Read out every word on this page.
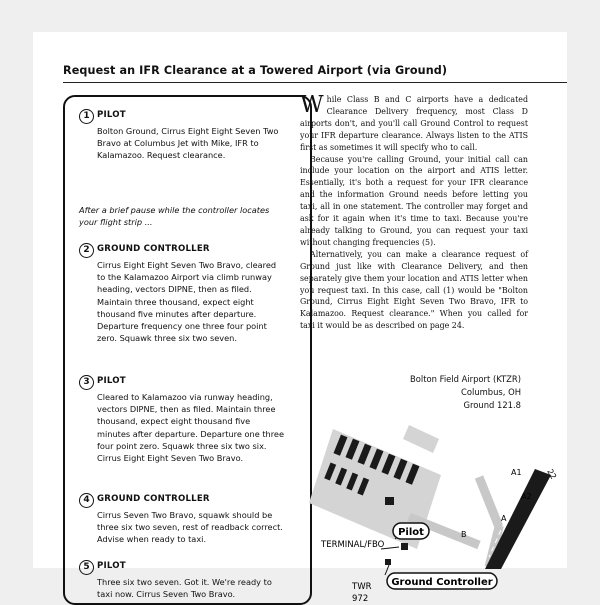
Request an IFR Clearance at a Towered Airport (via Ground)
1 PILOT

Bolton Ground, Cirrus Eight Eight Seven Two Bravo at Columbus Jet with Mike, IFR to Kalamazoo. Request clearance.

After a brief pause while the controller locates your flight strip ...
2 GROUND CONTROLLER

Cirrus Eight Eight Seven Two Bravo, cleared to the Kalamazoo Airport via climb runway heading, vectors DIPNE, then as filed. Maintain three thousand, expect eight thousand five minutes after departure. Departure frequency one three four point zero. Squawk three six two seven.

3 PILOT

Cleared to Kalamazoo via runway heading, vectors DIPNE, then as filed. Maintain three thousand, expect eight thousand five minutes after departure. Departure one three four point zero. Squawk three six two six. Cirrus Eight Eight Seven Two Bravo.

4 GROUND CONTROLLER

Cirrus Seven Two Bravo, squawk should be three six two seven, rest of readback correct. Advise when ready to taxi.

5 PILOT

Three six two seven. Got it. We're ready to taxi now. Cirrus Seven Two Bravo.

While Class B and C airports have a dedicated Clearance Delivery frequency, most Class D airports don't, and you'll call Ground Control to request your IFR departure clearance. Always listen to the ATIS first as sometimes it will specify who to call.

Because you're calling Ground, your initial call can include your location on the airport and ATIS letter. Essentially, it's both a request for your IFR clearance and the information Ground needs before letting you taxi, all in one statement. The controller may forget and ask for it again when it's time to taxi. Because you're already talking to Ground, you can request your taxi without changing frequencies (5).

Alternatively, you can make a clearance request of Ground just like with Clearance Delivery, and then separately give them your location and ATIS letter when you request taxi. In this case, call (1) would be "Bolton Ground, Cirrus Eight Eight Seven Two Bravo, IFR to Kalamazoo. Request clearance." When you called for taxi it would be as described on page 24.

Bolton Field Airport (KTZR)
Columbus, OH
Ground 121.8
A1
A2
A
B
22
TERMINAL/FBO
TWR
972
Pilot
Ground Controller
